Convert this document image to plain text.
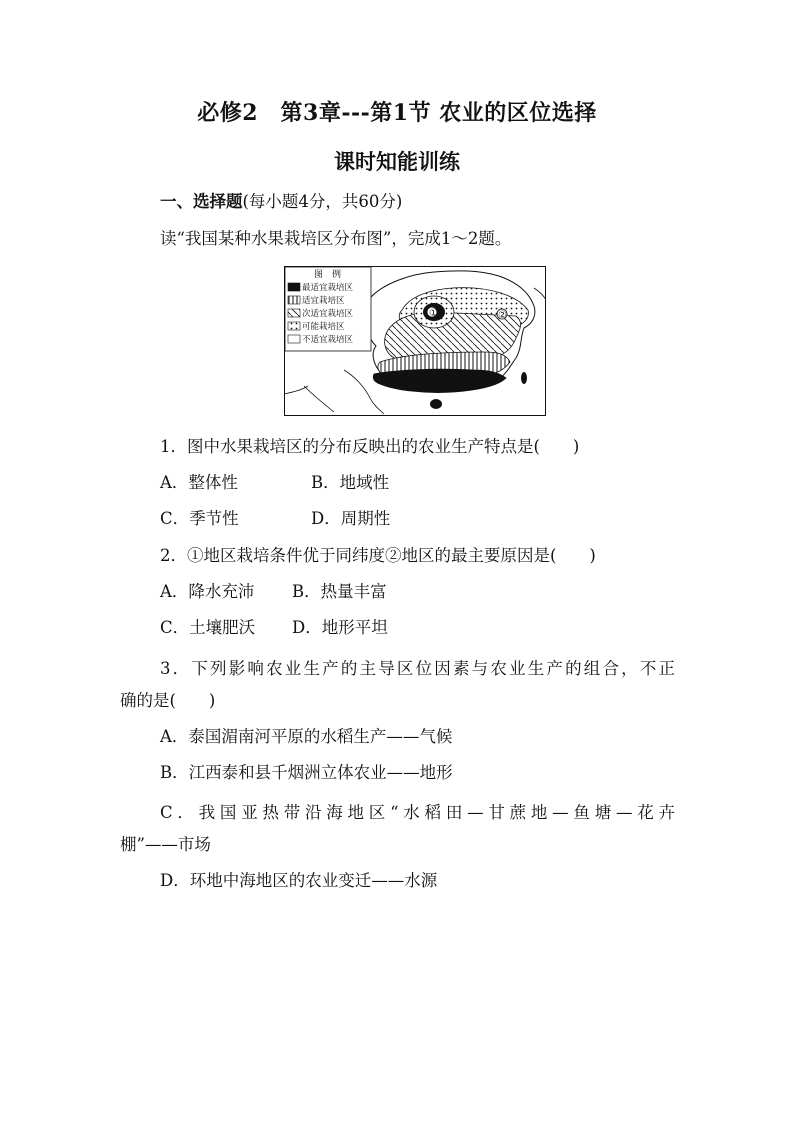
必修2　第3章---第1节 农业的区位选择
课时知能训练
一、选择题(每小题4分，共60分)
读“我国某种水果栽培区分布图”，完成1～2题。
①	②
图　例
最适宜栽培区
适宜栽培区
次适宜栽培区
可能栽培区
不适宜栽培区
1．图中水果栽培区的分布反映出的农业生产特点是(　　)
A．整体性	B．地域性
C．季节性	D．周期性
2．①地区栽培条件优于同纬度②地区的最主要原因是(　　)
A．降水充沛 B．热量丰富
C．土壤肥沃 D．地形平坦
3．下列影响农业生产的主导区位因素与农业生产的组合，不正
确的是(　　)
A．泰国湄南河平原的水稻生产——气候
B．江西泰和县千烟洲立体农业——地形
C．我国亚热带沿海地区“水稻田—甘蔗地—鱼塘—花卉
棚”——市场
D．环地中海地区的农业变迁——水源
